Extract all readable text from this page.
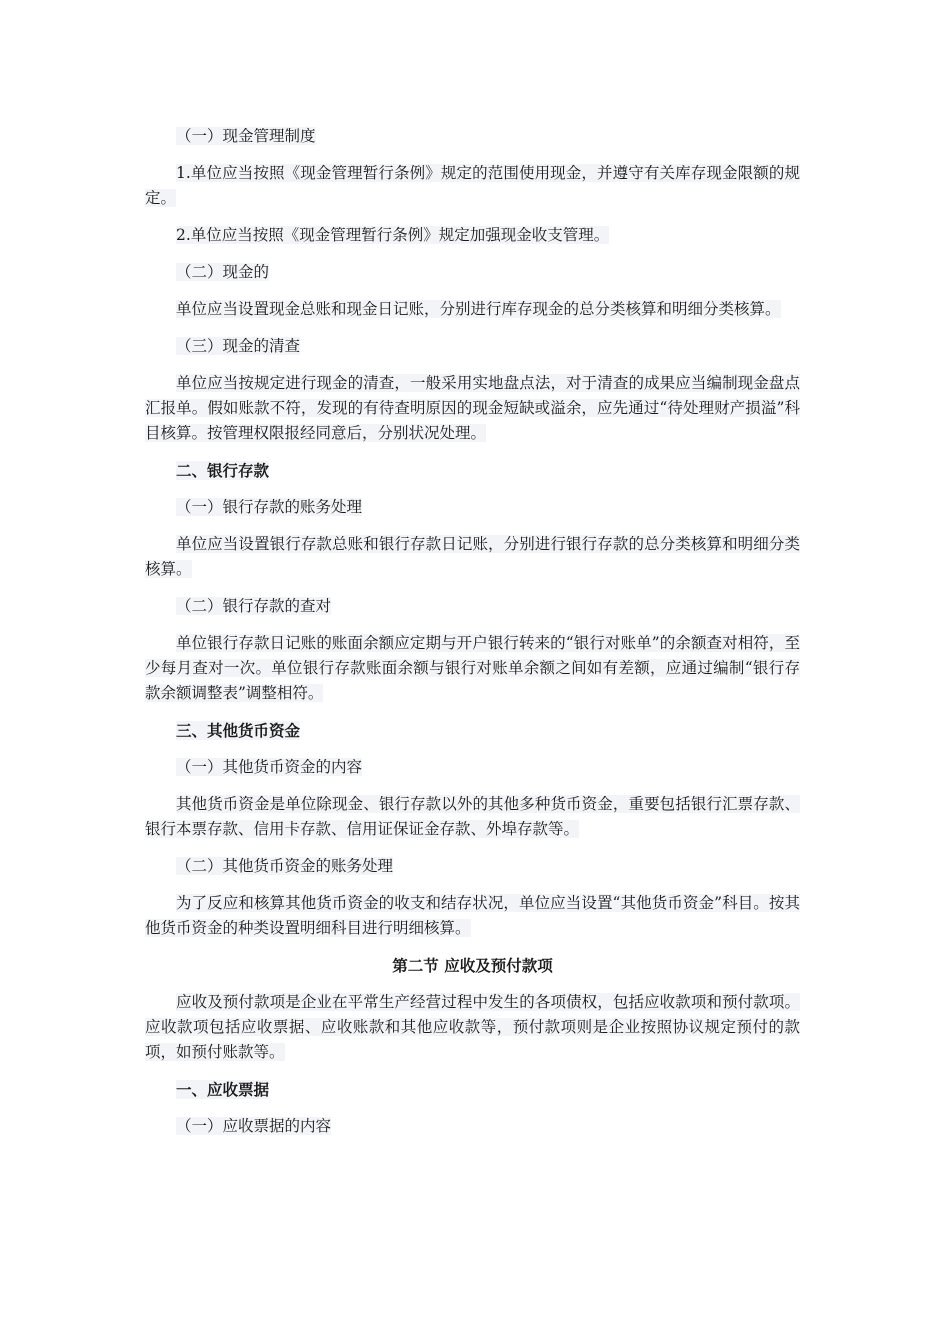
（一）现金管理制度

1.单位应当按照《现金管理暂行条例》规定的范围使用现金，并遵守有关库存现金限额的规定。

2.单位应当按照《现金管理暂行条例》规定加强现金收支管理。

（二）现金的

单位应当设置现金总账和现金日记账，分别进行库存现金的总分类核算和明细分类核算。

（三）现金的清查

单位应当按规定进行现金的清查，一般采用实地盘点法，对于清查的成果应当编制现金盘点汇报单。假如账款不符，发现的有待查明原因的现金短缺或溢余，应先通过“待处理财产损溢”科目核算。按管理权限报经同意后，分别状况处理。

二、银行存款

（一）银行存款的账务处理

单位应当设置银行存款总账和银行存款日记账，分别进行银行存款的总分类核算和明细分类核算。

（二）银行存款的查对

单位银行存款日记账的账面余额应定期与开户银行转来的“银行对账单”的余额查对相符，至少每月查对一次。单位银行存款账面余额与银行对账单余额之间如有差额，应通过编制“银行存款余额调整表”调整相符。

三、其他货币资金

（一）其他货币资金的内容

其他货币资金是单位除现金、银行存款以外的其他多种货币资金，重要包括银行汇票存款、银行本票存款、信用卡存款、信用证保证金存款、外埠存款等。

（二）其他货币资金的账务处理

为了反应和核算其他货币资金的收支和结存状况，单位应当设置“其他货币资金”科目。按其他货币资金的种类设置明细科目进行明细核算。

第二节 应收及预付款项

应收及预付款项是企业在平常生产经营过程中发生的各项债权，包括应收款项和预付款项。应收款项包括应收票据、应收账款和其他应收款等，预付款项则是企业按照协议规定预付的款项，如预付账款等。

一、应收票据

（一）应收票据的内容
